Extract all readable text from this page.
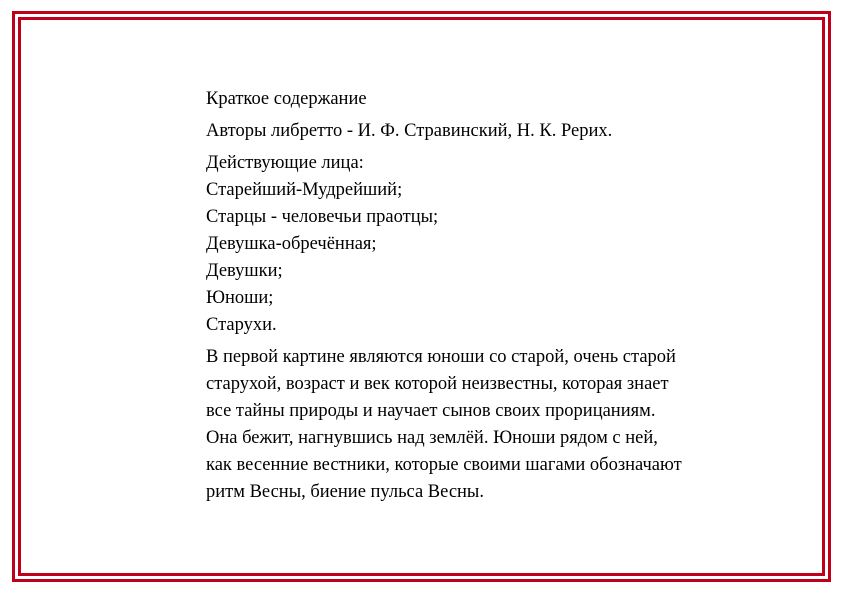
Краткое содержание

Авторы либретто - И. Ф. Стравинский, Н. К. Рерих.

Действующие лица:
Старейший-Мудрейший;
Старцы - человечьи праотцы;
Девушка-обречённая;
Девушки;
Юноши;
Старухи.
В первой картине являются юноши со старой, очень старой
старухой, возраст и век которой неизвестны, которая знает
все тайны природы и научает сынов своих прорицаниям.
Она бежит, нагнувшись над землёй. Юноши рядом с ней,
как весенние вестники, которые своими шагами обозначают
ритм Весны, биение пульса Весны.
